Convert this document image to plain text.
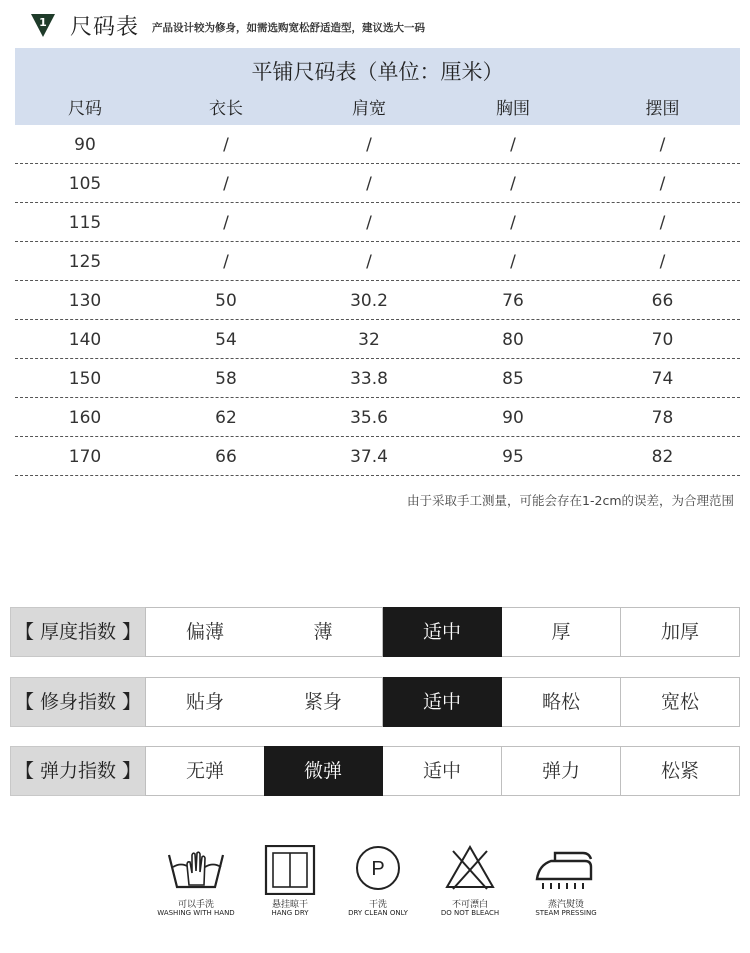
1	尺码表 产品设计较为修身，如需选购宽松舒适造型，建议选大一码
平铺尺码表（单位：厘米）
尺码	衣长	肩宽	胸围	摆围
90	/	/	/	/
105	/	/	/	/
115	/	/	/	/
125	/	/	/	/
130	50	30.2	76	66
140	54	32	80	70
150	58	33.8	85	74
160	62	35.6	90	78
170	66	37.4	95	82
由于采取手工测量，可能会存在1-2cm的误差，为合理范围
【 厚度指数 】	偏薄	薄	适中	厚	加厚
【 修身指数 】	贴身	紧身	适中	略松	宽松
【 弹力指数 】	无弹	微弹	适中	弹力	松紧
可以手洗
WASHING WITH HAND
悬挂晾干
HANG DRY
P
干洗
DRY CLEAN ONLY
不可漂白
DO NOT BLEACH
蒸汽熨烫
STEAM PRESSING
